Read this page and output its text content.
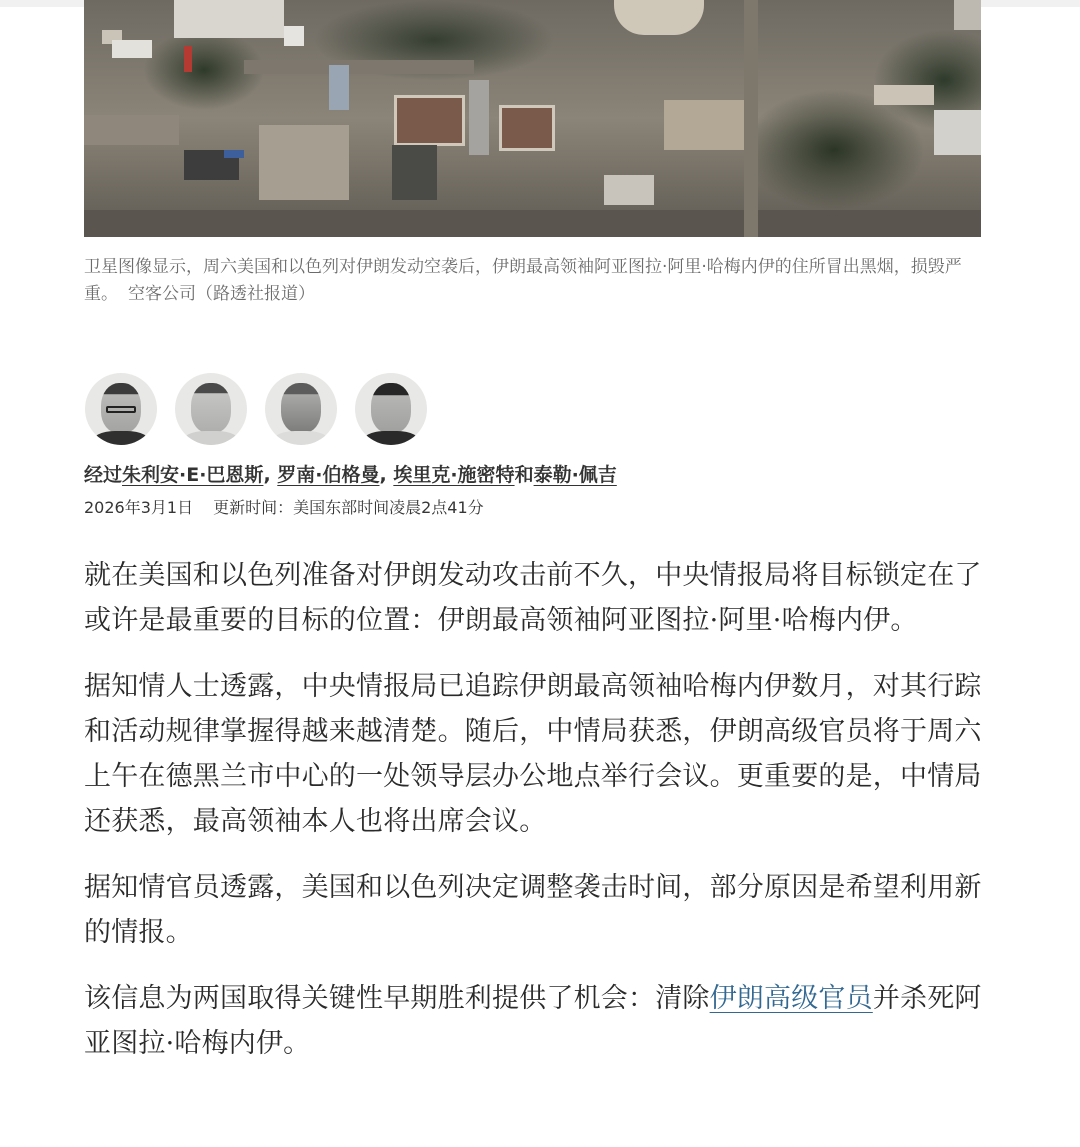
卫星图像显示，周六美国和以色列对伊朗发动空袭后，伊朗最高领袖阿亚图拉·阿里·哈梅内伊的住所冒出黑烟，损毁严重。 空客公司（路透社报道）
经过朱利安·E·巴恩斯, 罗南·伯格曼, 埃里克·施密特和泰勒·佩吉
2026年3月1日 更新时间：美国东部时间凌晨2点41分

就在美国和以色列准备对伊朗发动攻击前不久，中央情报局将目标锁定在了或许是最重要的目标的位置：伊朗最高领袖阿亚图拉·阿里·哈梅内伊。

据知情人士透露，中央情报局已追踪伊朗最高领袖哈梅内伊数月，对其行踪和活动规律掌握得越来越清楚。随后，中情局获悉，伊朗高级官员将于周六上午在德黑兰市中心的一处领导层办公地点举行会议。更重要的是，中情局还获悉，最高领袖本人也将出席会议。

据知情官员透露，美国和以色列决定调整袭击时间，部分原因是希望利用新的情报。

该信息为两国取得关键性早期胜利提供了机会：清除伊朗高级官员并杀死阿亚图拉·哈梅内伊。
